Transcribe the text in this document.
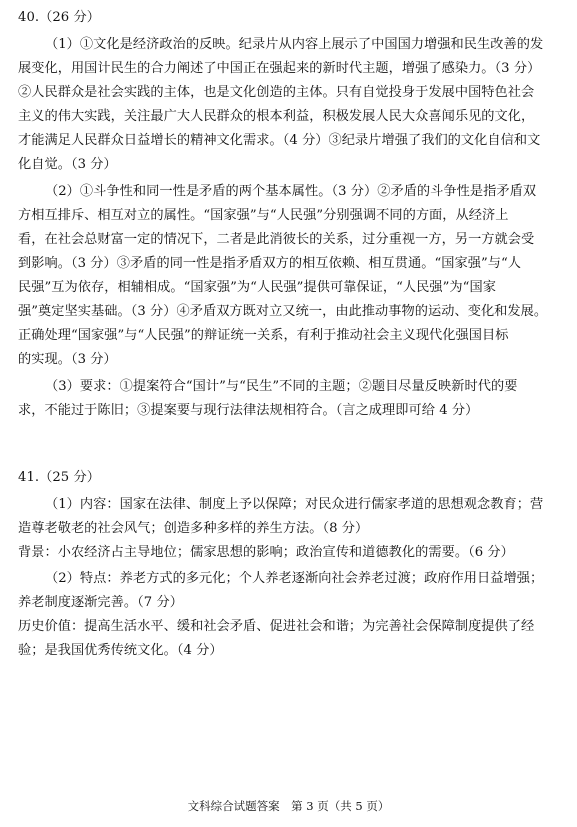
40.（26 分）
（1）①文化是经济政治的反映。纪录片从内容上展示了中国国力增强和民生改善的发
展变化，用国计民生的合力阐述了中国正在强起来的新时代主题，增强了感染力。（3 分）
②人民群众是社会实践的主体，也是文化创造的主体。只有自觉投身于发展中国特色社会
主义的伟大实践，关注最广大人民群众的根本利益，积极发展人民大众喜闻乐见的文化，
才能满足人民群众日益增长的精神文化需求。（4 分）③纪录片增强了我们的文化自信和文
化自觉。（3 分）
（2）①斗争性和同一性是矛盾的两个基本属性。（3 分）②矛盾的斗争性是指矛盾双
方相互排斥、相互对立的属性。“国家强”与“人民强”分别强调不同的方面，从经济上
看，在社会总财富一定的情况下，二者是此消彼长的关系，过分重视一方，另一方就会受
到影响。（3 分）③矛盾的同一性是指矛盾双方的相互依赖、相互贯通。“国家强”与“人
民强”互为依存，相辅相成。“国家强”为“人民强”提供可靠保证，“人民强”为“国家
强”奠定坚实基础。（3 分）④矛盾双方既对立又统一，由此推动事物的运动、变化和发展。
正确处理“国家强”与“人民强”的辩证统一关系，有利于推动社会主义现代化强国目标
的实现。（3 分）
（3）要求：①提案符合“国计”与“民生”不同的主题；②题目尽量反映新时代的要
求，不能过于陈旧；③提案要与现行法律法规相符合。（言之成理即可给 4 分）
41.（25 分）
（1）内容：国家在法律、制度上予以保障；对民众进行儒家孝道的思想观念教育；营
造尊老敬老的社会风气；创造多种多样的养生方法。（8 分）
背景：小农经济占主导地位；儒家思想的影响；政治宣传和道德教化的需要。（6 分）
（2）特点：养老方式的多元化；个人养老逐渐向社会养老过渡；政府作用日益增强；
养老制度逐渐完善。（7 分）
历史价值：提高生活水平、缓和社会矛盾、促进社会和谐；为完善社会保障制度提供了经
验；是我国优秀传统文化。（4 分）
文科综合试题答案　第 3 页（共 5 页）
